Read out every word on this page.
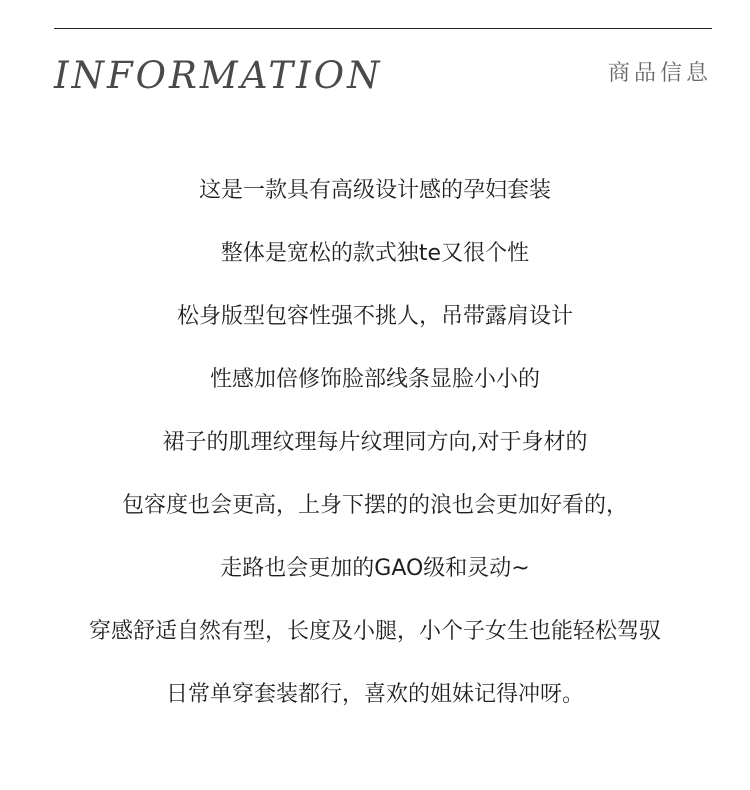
INFORMATION	商品信息
这是一款具有高级设计感的孕妇套装
整体是宽松的款式独te又很个性
松身版型包容性强不挑人，吊带露肩设计
性感加倍修饰脸部线条显脸小小的
裙子的肌理纹理每片纹理同方向,对于身材的
包容度也会更高，上身下摆的的浪也会更加好看的，
走路也会更加的GAO级和灵动~
穿感舒适自然有型，长度及小腿，小个子女生也能轻松驾驭
日常单穿套装都行，喜欢的姐妹记得冲呀。
